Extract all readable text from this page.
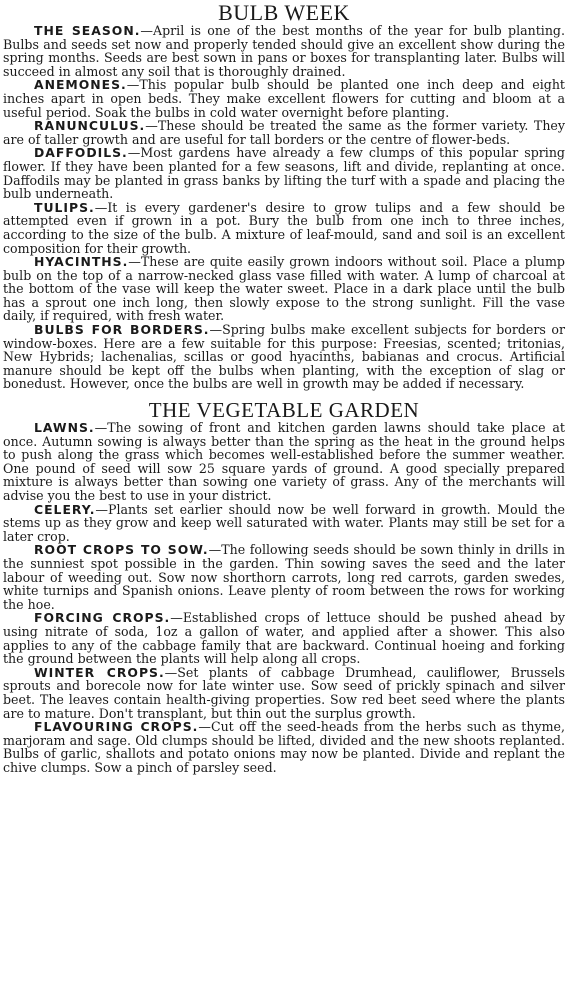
BULB WEEK

THE SEASON.—April is one of the best months of the year for bulb planting. Bulbs and seeds set now and properly tended should give an excellent show during the spring months. Seeds are best sown in pans or boxes for transplanting later. Bulbs will succeed in almost any soil that is thoroughly drained.

ANEMONES.—This popular bulb should be planted one inch deep and eight inches apart in open beds. They make excellent flowers for cutting and bloom at a useful period. Soak the bulbs in cold water overnight before planting.

RANUNCULUS.—These should be treated the same as the former variety. They are of taller growth and are useful for tall borders or the centre of flower-beds.

DAFFODILS.—Most gardens have already a few clumps of this popular spring flower. If they have been planted for a few seasons, lift and divide, replanting at once. Daffodils may be planted in grass banks by lifting the turf with a spade and placing the bulb underneath.

TULIPS.—It is every gardener's desire to grow tulips and a few should be attempted even if grown in a pot. Bury the bulb from one inch to three inches, according to the size of the bulb. A mixture of leaf-mould, sand and soil is an excellent composition for their growth.

HYACINTHS.—These are quite easily grown indoors without soil. Place a plump bulb on the top of a narrow-necked glass vase filled with water. A lump of charcoal at the bottom of the vase will keep the water sweet. Place in a dark place until the bulb has a sprout one inch long, then slowly expose to the strong sunlight. Fill the vase daily, if required, with fresh water.

BULBS FOR BORDERS.—Spring bulbs make excellent subjects for borders or window-boxes. Here are a few suitable for this purpose: Freesias, scented; tritonias, New Hybrids; lachenalias, scillas or good hyacinths, babianas and crocus. Artificial manure should be kept off the bulbs when planting, with the exception of slag or bonedust. However, once the bulbs are well in growth may be added if necessary.

THE VEGETABLE GARDEN

LAWNS.—The sowing of front and kitchen garden lawns should take place at once. Autumn sowing is always better than the spring as the heat in the ground helps to push along the grass which becomes well-established before the summer weather. One pound of seed will sow 25 square yards of ground. A good specially prepared mixture is always better than sowing one variety of grass. Any of the merchants will advise you the best to use in your district.

CELERY.—Plants set earlier should now be well forward in growth. Mould the stems up as they grow and keep well saturated with water. Plants may still be set for a later crop.

ROOT CROPS TO SOW.—The following seeds should be sown thinly in drills in the sunniest spot possible in the garden. Thin sowing saves the seed and the later labour of weeding out. Sow now shorthorn carrots, long red carrots, garden swedes, white turnips and Spanish onions. Leave plenty of room between the rows for working the hoe.

FORCING CROPS.—Established crops of lettuce should be pushed ahead by using nitrate of soda, 1oz a gallon of water, and applied after a shower. This also applies to any of the cabbage family that are backward. Continual hoeing and forking the ground between the plants will help along all crops.

WINTER CROPS.—Set plants of cabbage Drumhead, cauliflower, Brussels sprouts and borecole now for late winter use. Sow seed of prickly spinach and silver beet. The leaves contain health-giving properties. Sow red beet seed where the plants are to mature. Don't transplant, but thin out the surplus growth.

FLAVOURING CROPS.—Cut off the seed-heads from the herbs such as thyme, marjoram and sage. Old clumps should be lifted, divided and the new shoots replanted. Bulbs of garlic, shallots and potato onions may now be planted. Divide and replant the chive clumps. Sow a pinch of parsley seed.
